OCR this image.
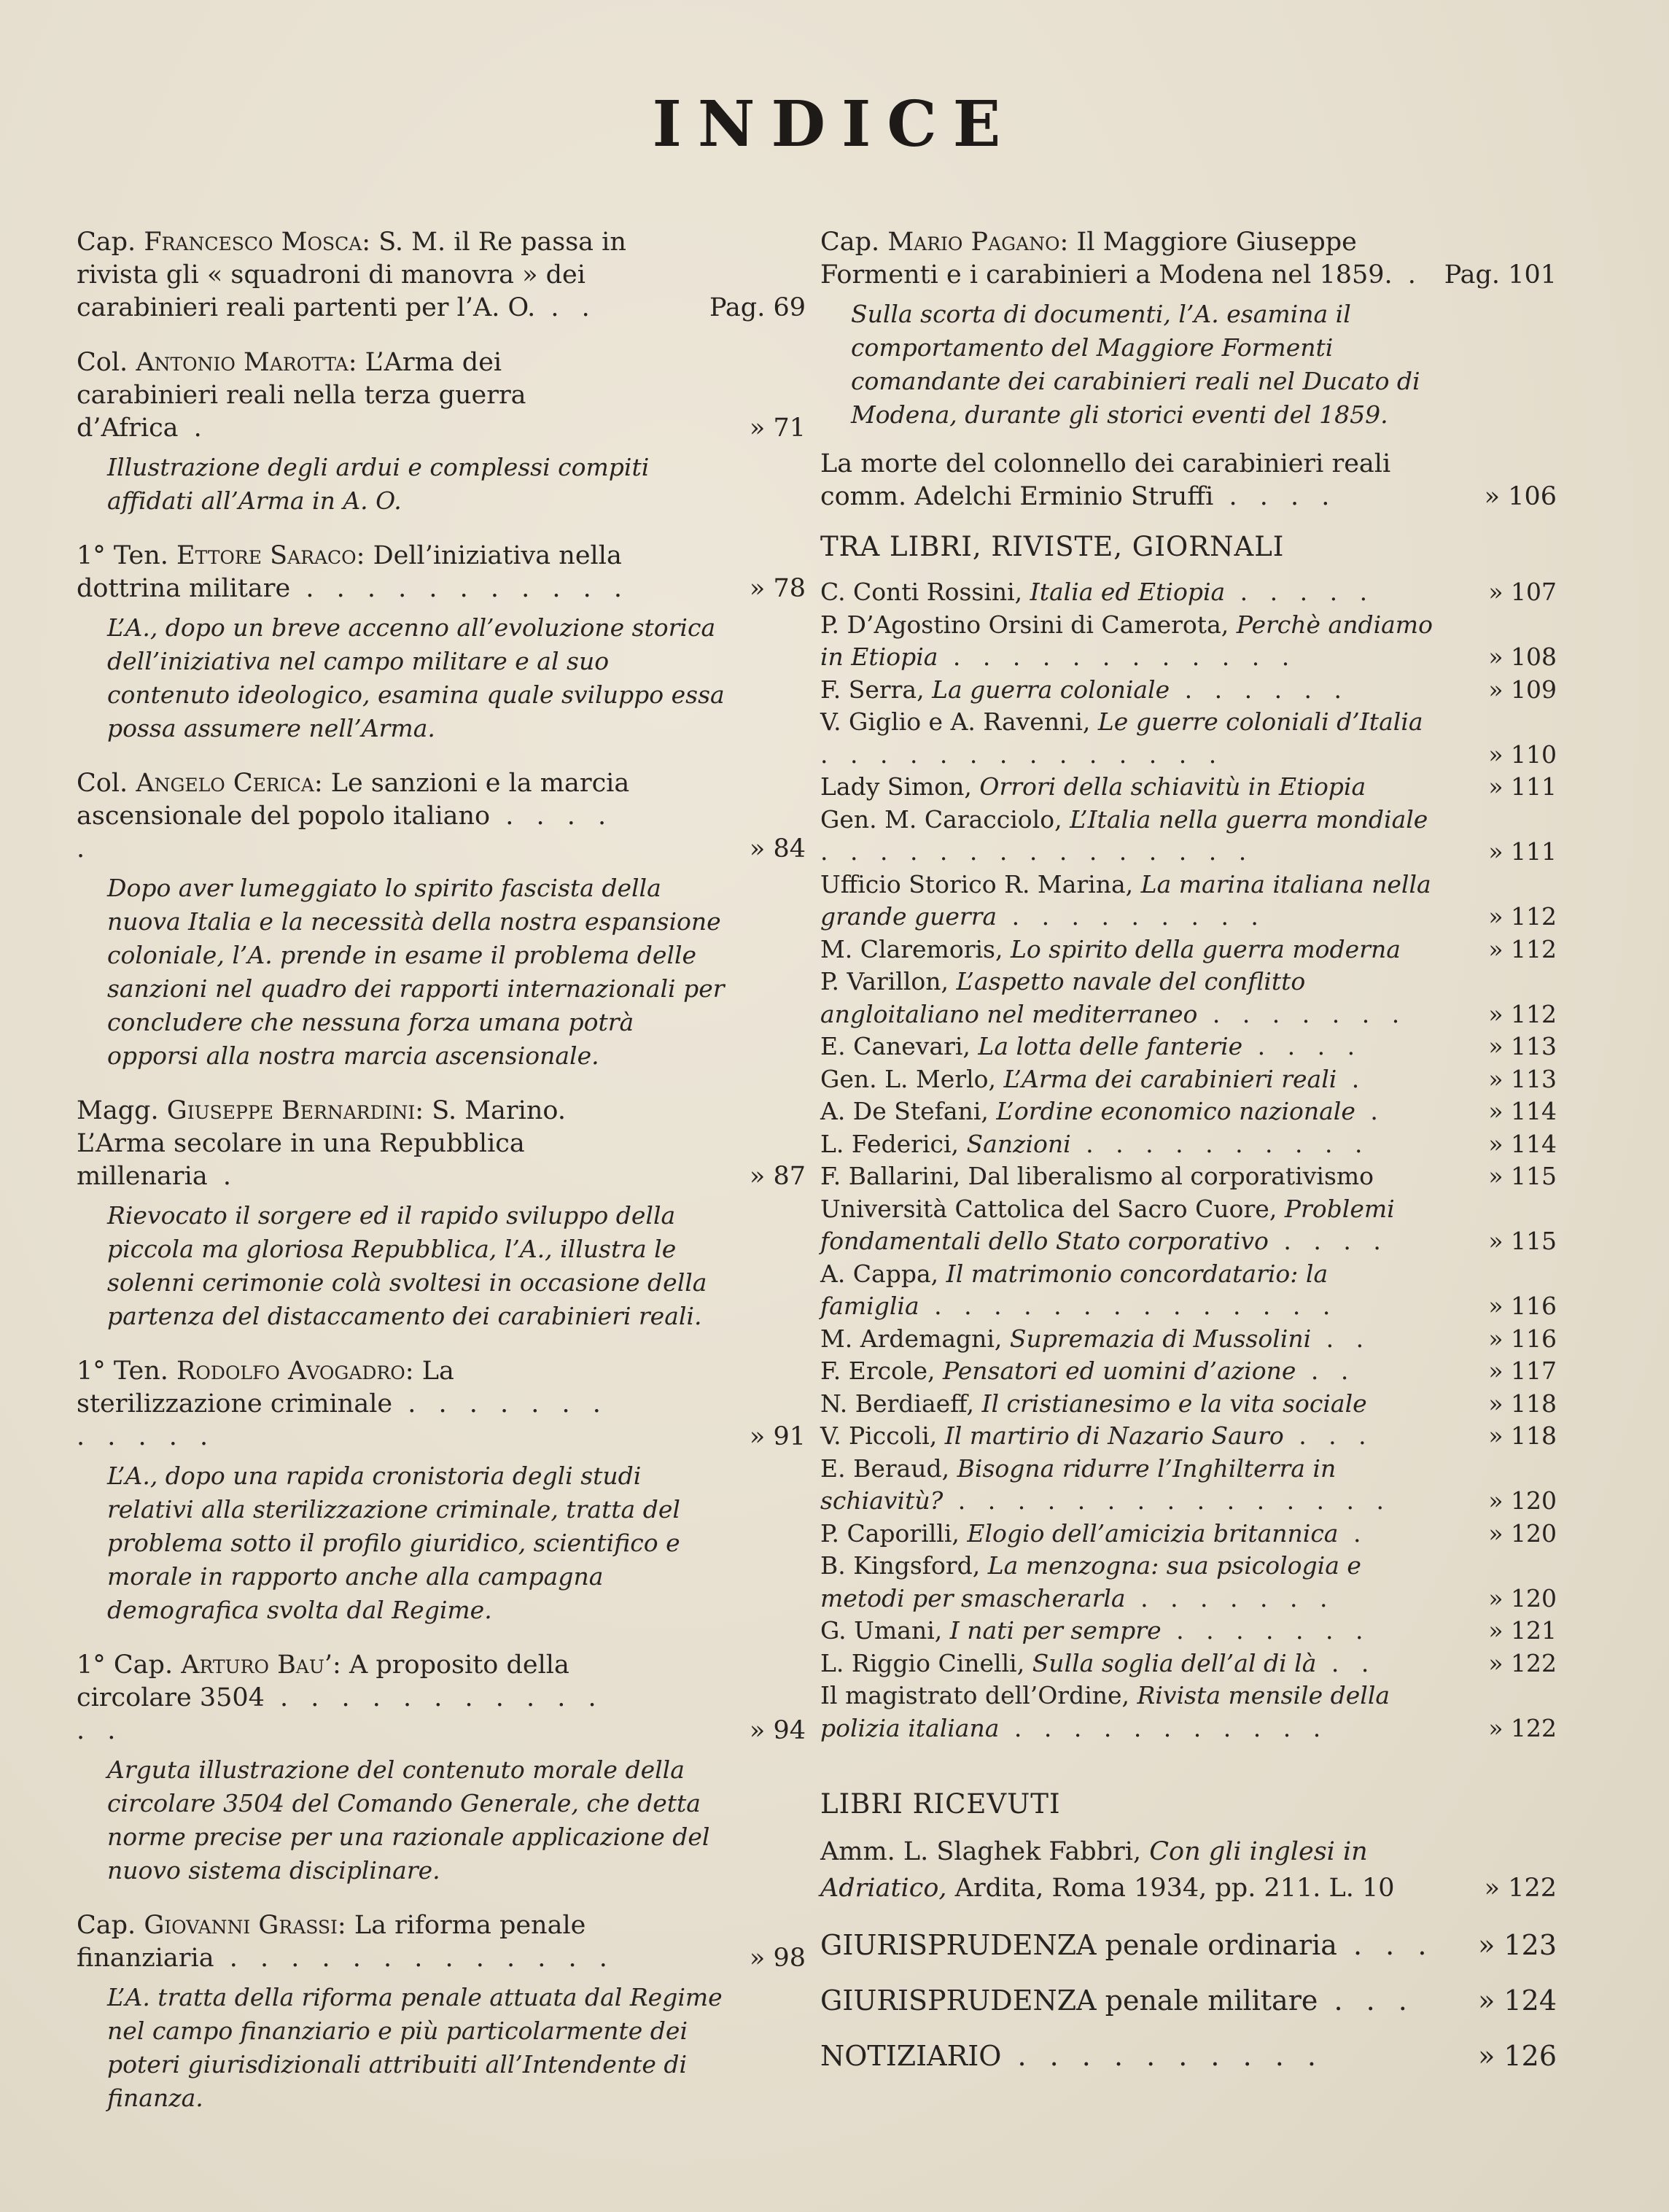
INDICE
Cap. Francesco Mosca: S. M. il Re passa in rivista gli « squadroni di manovra » dei carabinieri reali partenti per l’A. O. . .	Pag. 69
Col. Antonio Marotta: L’Arma dei carabinieri reali nella terza guerra d’Africa .	» 71
Illustrazione degli ardui e complessi compiti affidati all’Arma in A. O.
1° Ten. Ettore Saraco: Dell’iniziativa nella dottrina militare . . . . . . . . . . .	» 78
L’A., dopo un breve accenno all’evoluzione storica dell’iniziativa nel campo militare e al suo contenuto ideologico, esamina quale sviluppo essa possa assumere nell’Arma.
Col. Angelo Cerica: Le sanzioni e la marcia ascensionale del popolo italiano . . . . .	» 84
Dopo aver lumeggiato lo spirito fascista della nuova Italia e la necessità della nostra espansione coloniale, l’A. prende in esame il problema delle sanzioni nel quadro dei rapporti internazionali per concludere che nessuna forza umana potrà opporsi alla nostra marcia ascensionale.
Magg. Giuseppe Bernardini: S. Marino. L’Arma secolare in una Repubblica millenaria .	» 87
Rievocato il sorgere ed il rapido sviluppo della piccola ma gloriosa Repubblica, l’A., illustra le solenni cerimonie colà svoltesi in occasione della partenza del distaccamento dei carabinieri reali.
1° Ten. Rodolfo Avogadro: La sterilizzazione criminale . . . . . . . . . . . .	» 91
L’A., dopo una rapida cronistoria degli studi relativi alla sterilizzazione criminale, tratta del problema sotto il profilo giuridico, scientifico e morale in rapporto anche alla campagna demografica svolta dal Regime.
1° Cap. Arturo Bau’: A proposito della circolare 3504 . . . . . . . . . . . . .	» 94
Arguta illustrazione del contenuto morale della circolare 3504 del Comando Generale, che detta norme precise per una razionale applicazione del nuovo sistema disciplinare.
Cap. Giovanni Grassi: La riforma penale finanziaria . . . . . . . . . . . . .	» 98
L’A. tratta della riforma penale attuata dal Regime nel campo finanziario e più particolarmente dei poteri giurisdizionali attribuiti all’Intendente di finanza.
Cap. Mario Pagano: Il Maggiore Giuseppe Formenti e i carabinieri a Modena nel 1859. . Pag. 101
Sulla scorta di documenti, l’A. esamina il comportamento del Maggiore Formenti comandante dei carabinieri reali nel Ducato di Modena, durante gli storici eventi del 1859.
La morte del colonnello dei carabinieri reali comm. Adelchi Erminio Struffi . . . .	» 106
TRA LIBRI, RIVISTE, GIORNALI
C. Conti Rossini, Italia ed Etiopia . . . . .	» 107
P. D’Agostino Orsini di Camerota, Perchè andiamo in Etiopia . . . . . . . . . . . .	» 108
F. Serra, La guerra coloniale . . . . . .	» 109
V. Giglio e A. Ravenni, Le guerre coloniali d’Italia . . . . . . . . . . . . . .	» 110
Lady Simon, Orrori della schiavitù in Etiopia	» 111
Gen. M. Caracciolo, L’Italia nella guerra mondiale . . . . . . . . . . . . . . .	» 111
Ufficio Storico R. Marina, La marina italiana nella grande guerra . . . . . . . . .	» 112
M. Claremoris, Lo spirito della guerra moderna	» 112
P. Varillon, L’aspetto navale del conflitto angloitaliano nel mediterraneo . . . . . . .	» 112
E. Canevari, La lotta delle fanterie . . . .	» 113
Gen. L. Merlo, L’Arma dei carabinieri reali .	» 113
A. De Stefani, L’ordine economico nazionale .	» 114
L. Federici, Sanzioni . . . . . . . . . .	» 114
F. Ballarini, Dal liberalismo al corporativismo	» 115
Università Cattolica del Sacro Cuore, Problemi fondamentali dello Stato corporativo . . . .	» 115
A. Cappa, Il matrimonio concordatario: la famiglia . . . . . . . . . . . . . .	» 116
M. Ardemagni, Supremazia di Mussolini . .	» 116
F. Ercole, Pensatori ed uomini d’azione . .	» 117
N. Berdiaeff, Il cristianesimo e la vita sociale	» 118
V. Piccoli, Il martirio di Nazario Sauro . . .	» 118
E. Beraud, Bisogna ridurre l’Inghilterra in schiavitù? . . . . . . . . . . . . . . .	» 120
P. Caporilli, Elogio dell’amicizia britannica .	» 120
B. Kingsford, La menzogna: sua psicologia e metodi per smascherarla . . . . . . .	» 120
G. Umani, I nati per sempre . . . . . . .	» 121
L. Riggio Cinelli, Sulla soglia dell’al di là . .	» 122
Il magistrato dell’Ordine, Rivista mensile della polizia italiana . . . . . . . . . . .	» 122
LIBRI RICEVUTI
Amm. L. Slaghek Fabbri, Con gli inglesi in Adriatico, Ardita, Roma 1934, pp. 211. L. 10	» 122
GIURISPRUDENZA penale ordinaria . . . » 123
GIURISPRUDENZA penale militare . . . » 124
NOTIZIARIO . . . . . . . . . .	» 126
